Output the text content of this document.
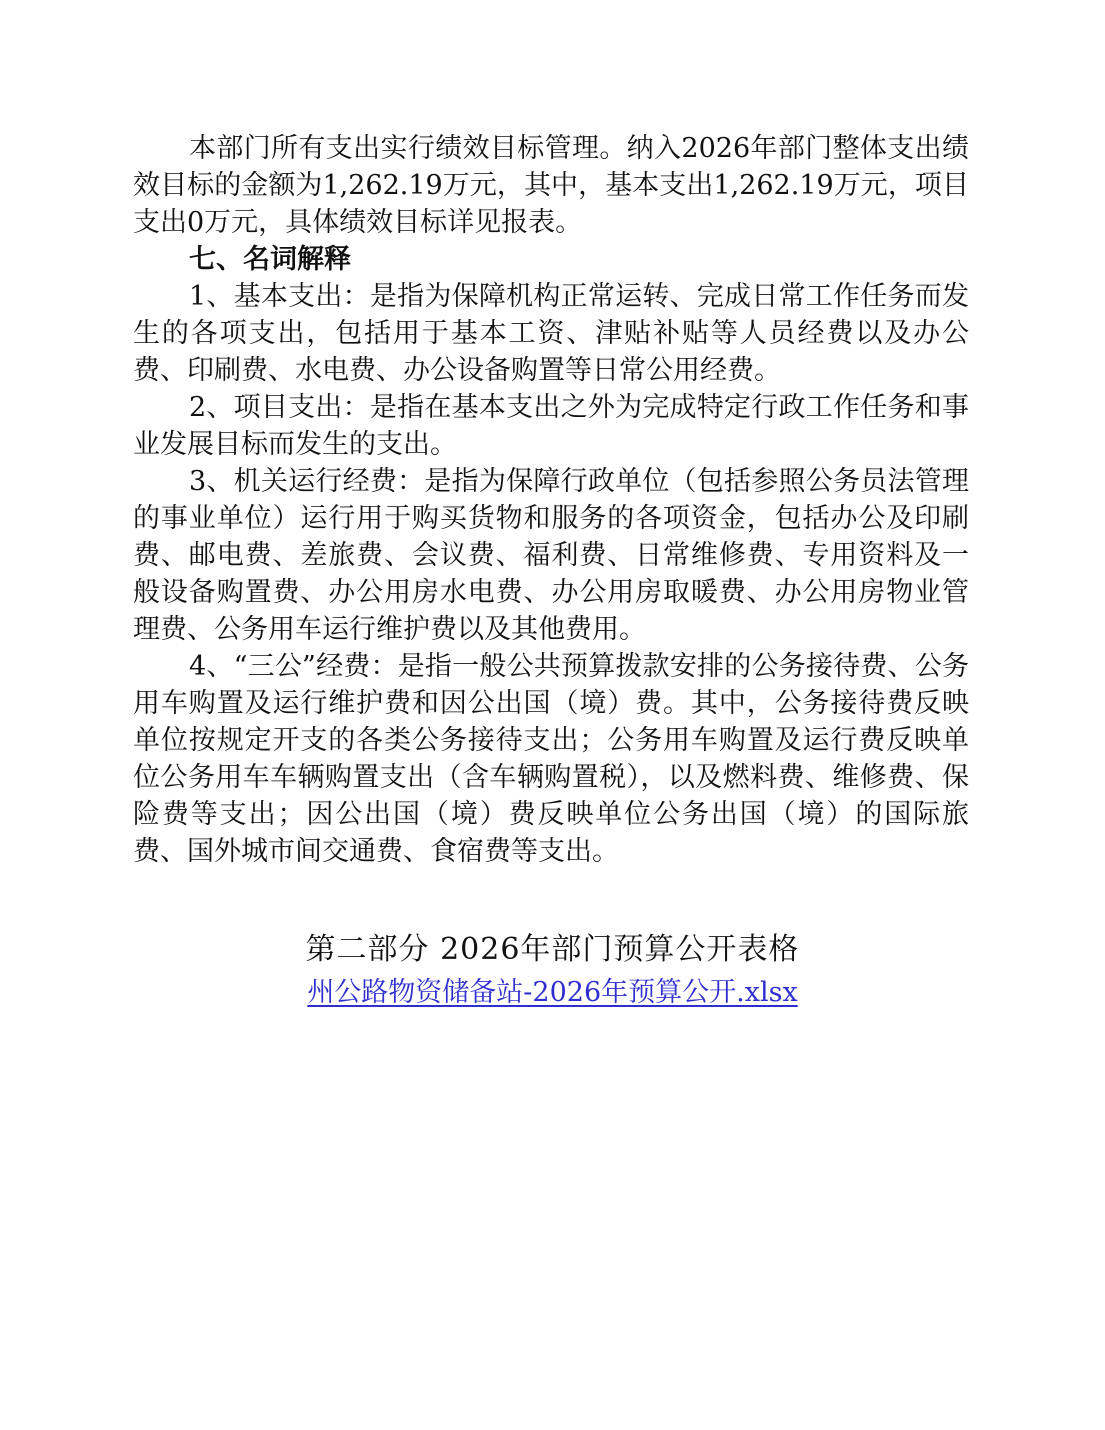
本部门所有支出实行绩效目标管理。纳入2026年部门整体支出绩效目标的金额为1,262.19万元，其中，基本支出1,262.19万元，项目支出0万元，具体绩效目标详见报表。

七、名词解释

1、基本支出：是指为保障机构正常运转、完成日常工作任务而发生的各项支出，包括用于基本工资、津贴补贴等人员经费以及办公费、印刷费、水电费、办公设备购置等日常公用经费。

2、项目支出：是指在基本支出之外为完成特定行政工作任务和事业发展目标而发生的支出。

3、机关运行经费：是指为保障行政单位（包括参照公务员法管理的事业单位）运行用于购买货物和服务的各项资金，包括办公及印刷费、邮电费、差旅费、会议费、福利费、日常维修费、专用资料及一般设备购置费、办公用房水电费、办公用房取暖费、办公用房物业管理费、公务用车运行维护费以及其他费用。

4、“三公”经费：是指一般公共预算拨款安排的公务接待费、公务用车购置及运行维护费和因公出国（境）费。其中，公务接待费反映单位按规定开支的各类公务接待支出；公务用车购置及运行费反映单位公务用车车辆购置支出（含车辆购置税），以及燃料费、维修费、保险费等支出；因公出国（境）费反映单位公务出国（境）的国际旅费、国外城市间交通费、食宿费等支出。

第二部分 2026年部门预算公开表格
州公路物资储备站-2026年预算公开.xlsx
